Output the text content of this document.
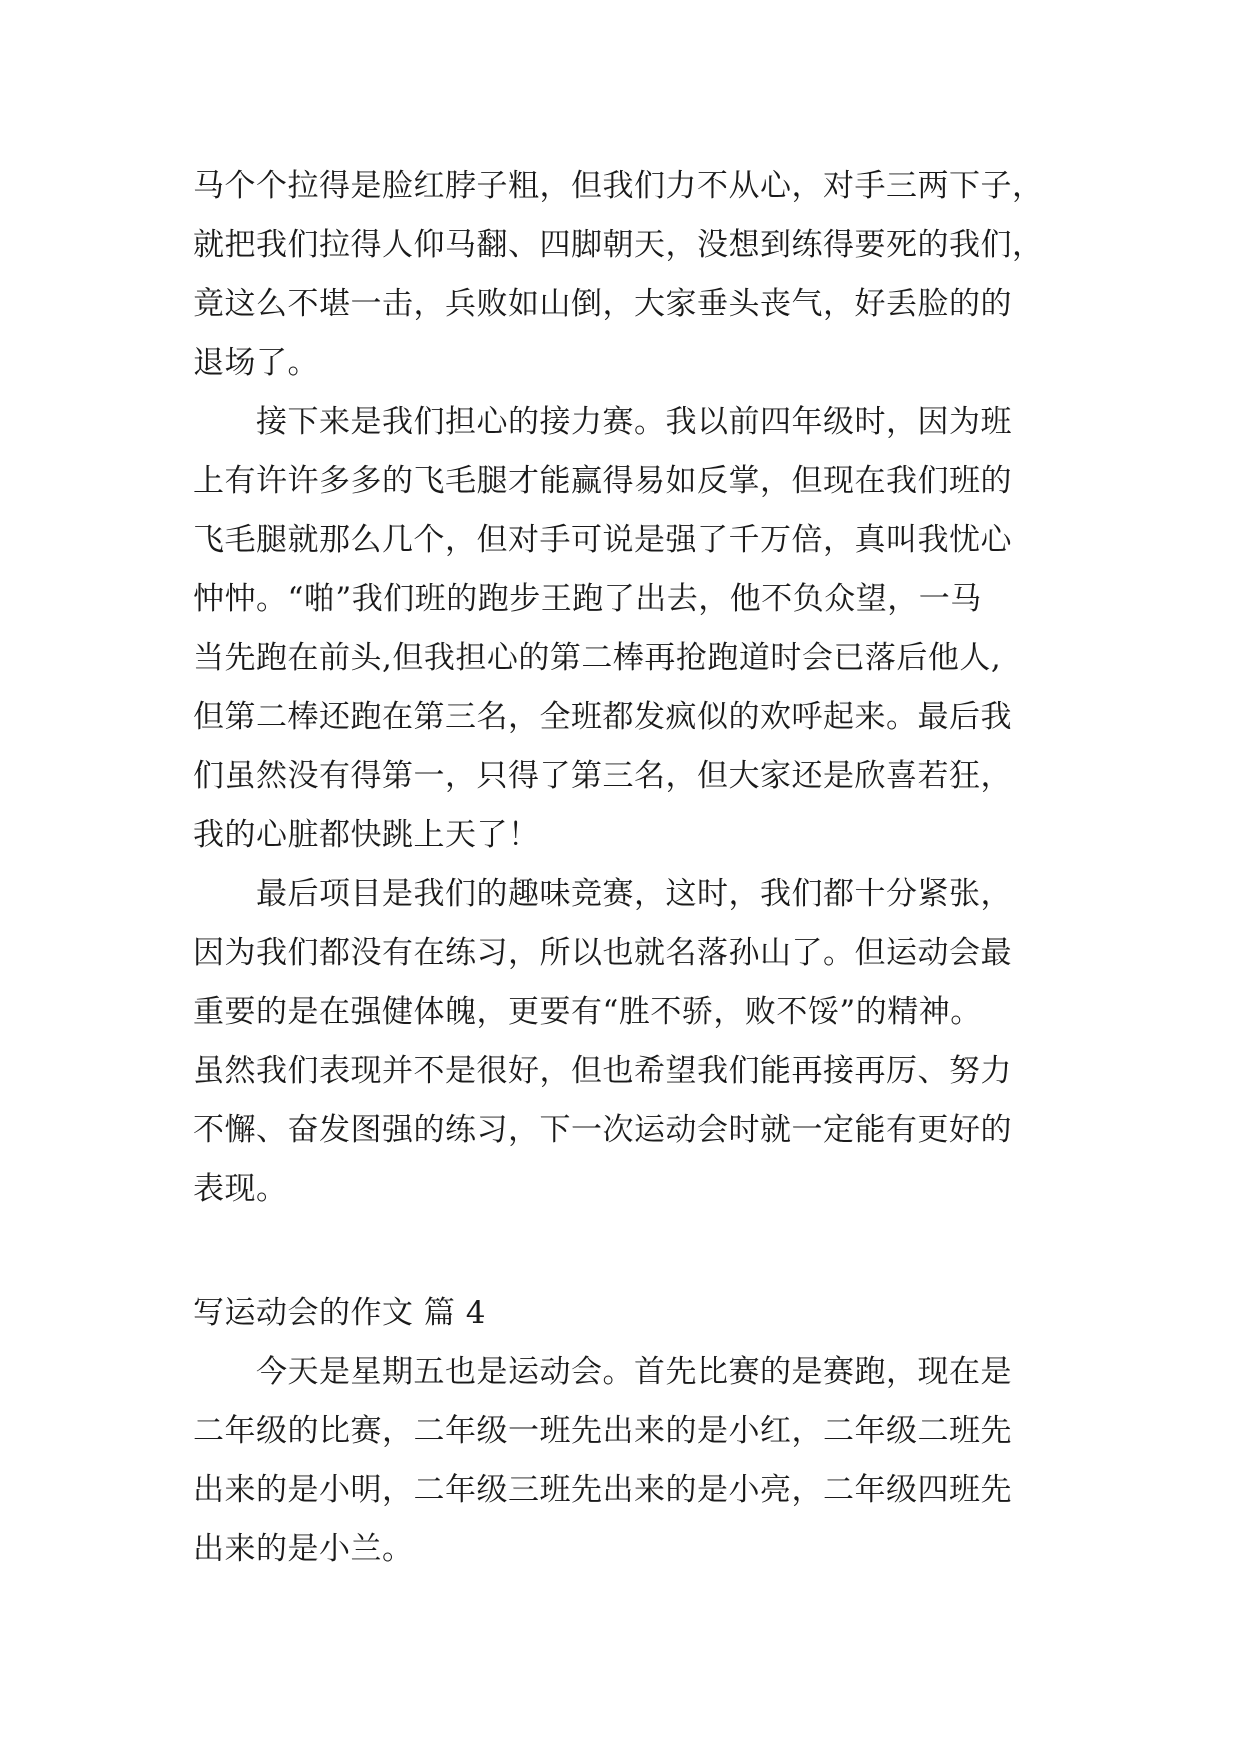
马个个拉得是脸红脖子粗，但我们力不从心，对手三两下子，
就把我们拉得人仰马翻、四脚朝天，没想到练得要死的我们，
竟这么不堪一击，兵败如山倒，大家垂头丧气，好丢脸的的
退场了。
　　接下来是我们担心的接力赛。我以前四年级时，因为班
上有许许多多的飞毛腿才能赢得易如反掌，但现在我们班的
飞毛腿就那么几个，但对手可说是强了千万倍，真叫我忧心
忡忡。“啪”我们班的跑步王跑了出去，他不负众望，一马
当先跑在前头,但我担心的第二棒再抢跑道时会已落后他人,
但第二棒还跑在第三名，全班都发疯似的欢呼起来。最后我
们虽然没有得第一，只得了第三名，但大家还是欣喜若狂，
我的心脏都快跳上天了！
　　最后项目是我们的趣味竞赛，这时，我们都十分紧张，
因为我们都没有在练习，所以也就名落孙山了。但运动会最
重要的是在强健体魄，更要有“胜不骄，败不馁”的精神。
虽然我们表现并不是很好，但也希望我们能再接再厉、努力
不懈、奋发图强的练习，下一次运动会时就一定能有更好的
表现。
写运动会的作文 篇 4
　　今天是星期五也是运动会。首先比赛的是赛跑，现在是
二年级的比赛，二年级一班先出来的是小红，二年级二班先
出来的是小明，二年级三班先出来的是小亮，二年级四班先
出来的是小兰。
